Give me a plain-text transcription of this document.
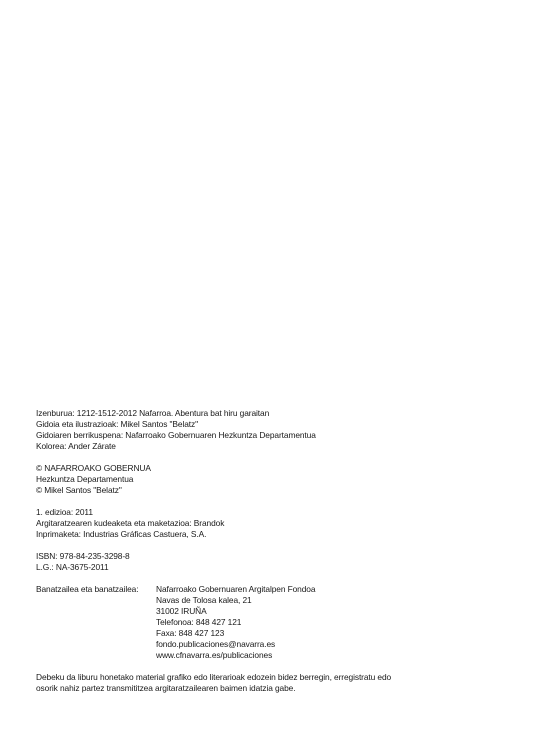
Izenburua: 1212-1512-2012 Nafarroa. Abentura bat hiru garaitan

Gidoia eta ilustrazioak: Mikel Santos "Belatz"

Gidoiaren berrikuspena: Nafarroako Gobernuaren Hezkuntza Departamentua

Kolorea: Ander Zárate

© NAFARROAKO GOBERNUA

Hezkuntza Departamentua

© Mikel Santos "Belatz"

1. edizioa: 2011

Argitaratzearen kudeaketa eta maketazioa: Brandok

Inprimaketa: Industrias Gráficas Castuera, S.A.

ISBN: 978-84-235-3298-8

L.G.: NA-3675-2011

Banatzailea eta banatzailea:	Nafarroako Gobernuaren Argitalpen Fondoa

Navas de Tolosa kalea, 21

31002 IRUÑA

Telefonoa: 848 427 121

Faxa: 848 427 123

fondo.publicaciones@navarra.es

www.cfnavarra.es/publicaciones

Debeku da liburu honetako material grafiko edo literarioak edozein bidez berregin, erregistratu edo

osorik nahiz partez transmititzea argitaratzailearen baimen idatzia gabe.
